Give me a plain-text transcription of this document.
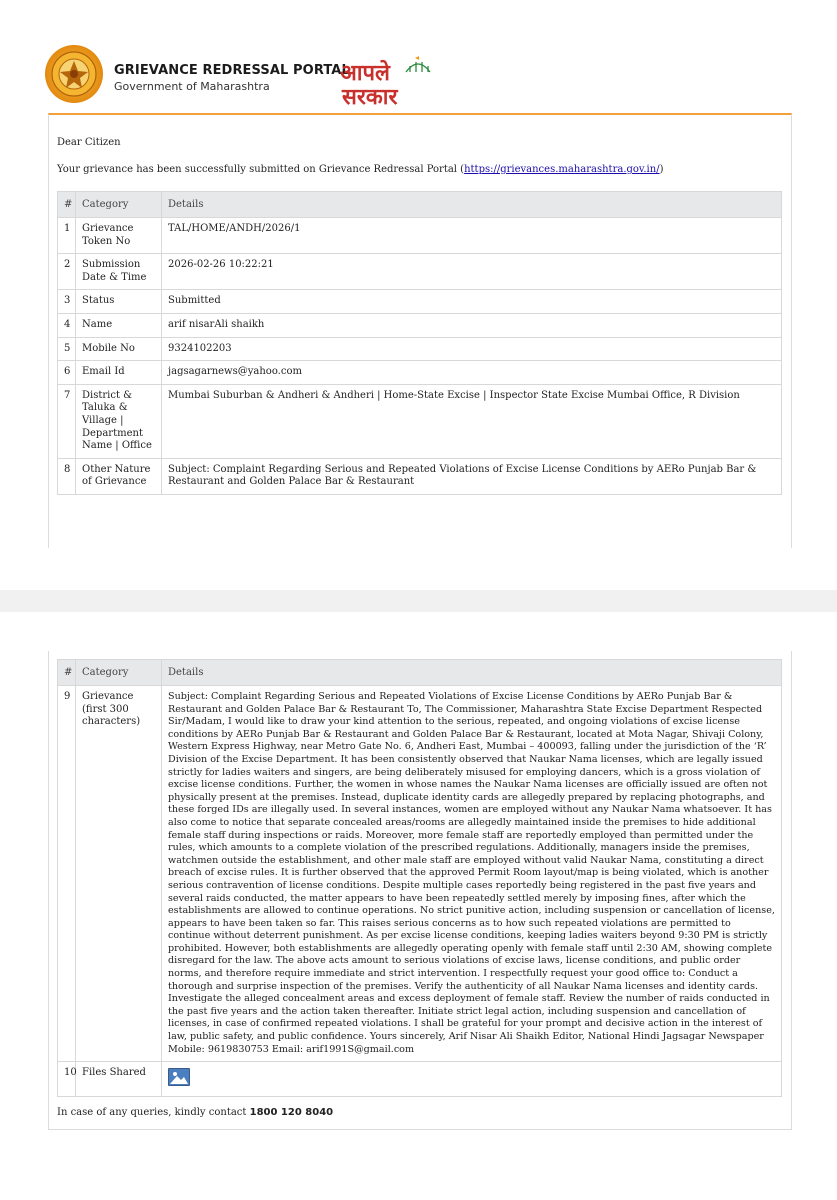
GRIEVANCE REDRESSAL PORTAL
Government of Maharashtra
आपले
सरकार
Dear Citizen
Your grievance has been successfully submitted on Grievance Redressal Portal (https://grievances.maharashtra.gov.in/)
#	Category	Details
1	Grievance Token No	TAL/HOME/ANDH/2026/1
2	Submission Date & Time	2026-02-26 10:22:21
3	Status	Submitted
4	Name	arif nisarAli shaikh
5	Mobile No	9324102203
6	Email Id	jagsagarnews@yahoo.com
7	District & Taluka & Village | Department Name | Office	Mumbai Suburban & Andheri & Andheri | Home-State Excise | Inspector State Excise Mumbai Office, R Division
8	Other Nature of Grievance	Subject: Complaint Regarding Serious and Repeated Violations of Excise License Conditions by AERo Punjab Bar & Restaurant and Golden Palace Bar & Restaurant
#	Category	Details
9	Grievance (first 300 characters)	Subject: Complaint Regarding Serious and Repeated Violations of Excise License Conditions by AERo Punjab Bar & Restaurant and Golden Palace Bar & Restaurant To, The Commissioner, Maharashtra State Excise Department Respected Sir/Madam, I would like to draw your kind attention to the serious, repeated, and ongoing violations of excise license conditions by AERo Punjab Bar & Restaurant and Golden Palace Bar & Restaurant, located at Mota Nagar, Shivaji Colony, Western Express Highway, near Metro Gate No. 6, Andheri East, Mumbai – 400093, falling under the jurisdiction of the ‘R’ Division of the Excise Department. It has been consistently observed that Naukar Nama licenses, which are legally issued strictly for ladies waiters and singers, are being deliberately misused for employing dancers, which is a gross violation of excise license conditions. Further, the women in whose names the Naukar Nama licenses are officially issued are often not physically present at the premises. Instead, duplicate identity cards are allegedly prepared by replacing photographs, and these forged IDs are illegally used. In several instances, women are employed without any Naukar Nama whatsoever. It has also come to notice that separate concealed areas/rooms are allegedly maintained inside the premises to hide additional female staff during inspections or raids. Moreover, more female staff are reportedly employed than permitted under the rules, which amounts to a complete violation of the prescribed regulations. Additionally, managers inside the premises, watchmen outside the establishment, and other male staff are employed without valid Naukar Nama, constituting a direct breach of excise rules. It is further observed that the approved Permit Room layout/map is being violated, which is another serious contravention of license conditions. Despite multiple cases reportedly being registered in the past five years and several raids conducted, the matter appears to have been repeatedly settled merely by imposing fines, after which the establishments are allowed to continue operations. No strict punitive action, including suspension or cancellation of license, appears to have been taken so far. This raises serious concerns as to how such repeated violations are permitted to continue without deterrent punishment. As per excise license conditions, keeping ladies waiters beyond 9:30 PM is strictly prohibited. However, both establishments are allegedly operating openly with female staff until 2:30 AM, showing complete disregard for the law. The above acts amount to serious violations of excise laws, license conditions, and public order norms, and therefore require immediate and strict intervention. I respectfully request your good office to: Conduct a thorough and surprise inspection of the premises. Verify the authenticity of all Naukar Nama licenses and identity cards. Investigate the alleged concealment areas and excess deployment of female staff. Review the number of raids conducted in the past five years and the action taken thereafter. Initiate strict legal action, including suspension and cancellation of licenses, in case of confirmed repeated violations. I shall be grateful for your prompt and decisive action in the interest of law, public safety, and public confidence. Yours sincerely, Arif Nisar Ali Shaikh Editor, National Hindi Jagsagar Newspaper Mobile: 9619830753 Email: arif1991S@gmail.com
10	Files Shared	
In case of any queries, kindly contact 1800 120 8040
